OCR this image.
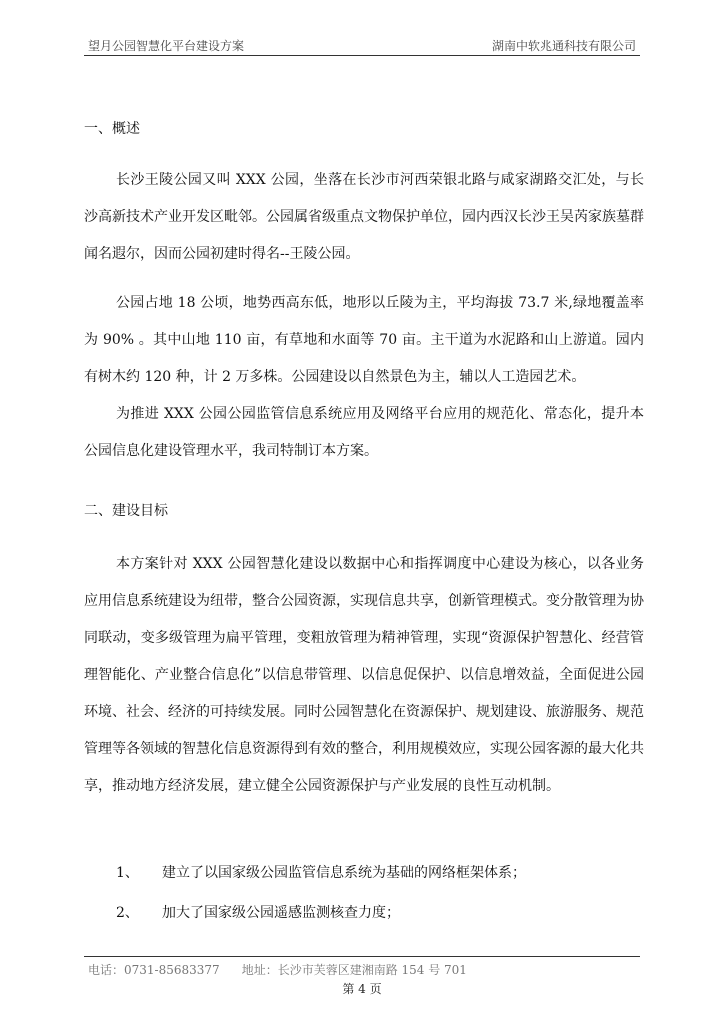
望月公园智慧化平台建设方案	湖南中软兆通科技有限公司
一、概述

长沙王陵公园又叫 XXX 公园，坐落在长沙市河西荣银北路与咸家湖路交汇处，与长沙高新技术产业开发区毗邻。公园属省级重点文物保护单位，园内西汉长沙王吴芮家族墓群闻名遐尔，因而公园初建时得名--王陵公园。

公园占地 18 公顷，地势西高东低，地形以丘陵为主，平均海拔 73.7 米,绿地覆盖率为 90% 。其中山地 110 亩，有草地和水面等 70 亩。主干道为水泥路和山上游道。园内有树木约 120 种，计 2 万多株。公园建设以自然景色为主，辅以人工造园艺术。

为推进 XXX 公园公园监管信息系统应用及网络平台应用的规范化、常态化，提升本公园信息化建设管理水平，我司特制订本方案。

二、建设目标

本方案针对 XXX 公园智慧化建设以数据中心和指挥调度中心建设为核心，以各业务应用信息系统建设为纽带，整合公园资源，实现信息共享，创新管理模式。变分散管理为协同联动，变多级管理为扁平管理，变粗放管理为精神管理，实现“资源保护智慧化、经营管理智能化、产业整合信息化”以信息带管理、以信息促保护、以信息增效益，全面促进公园环境、社会、经济的可持续发展。同时公园智慧化在资源保护、规划建设、旅游服务、规范管理等各领域的智慧化信息资源得到有效的整合，利用规模效应，实现公园客源的最大化共享，推动地方经济发展，建立健全公园资源保护与产业发展的良性互动机制。

1、 建立了以国家级公园监管信息系统为基础的网络框架体系；
2、 加大了国家级公园遥感监测核查力度；
电话：0731-85683377 地址：长沙市芙蓉区建湘南路 154 号 701
第 4 页
